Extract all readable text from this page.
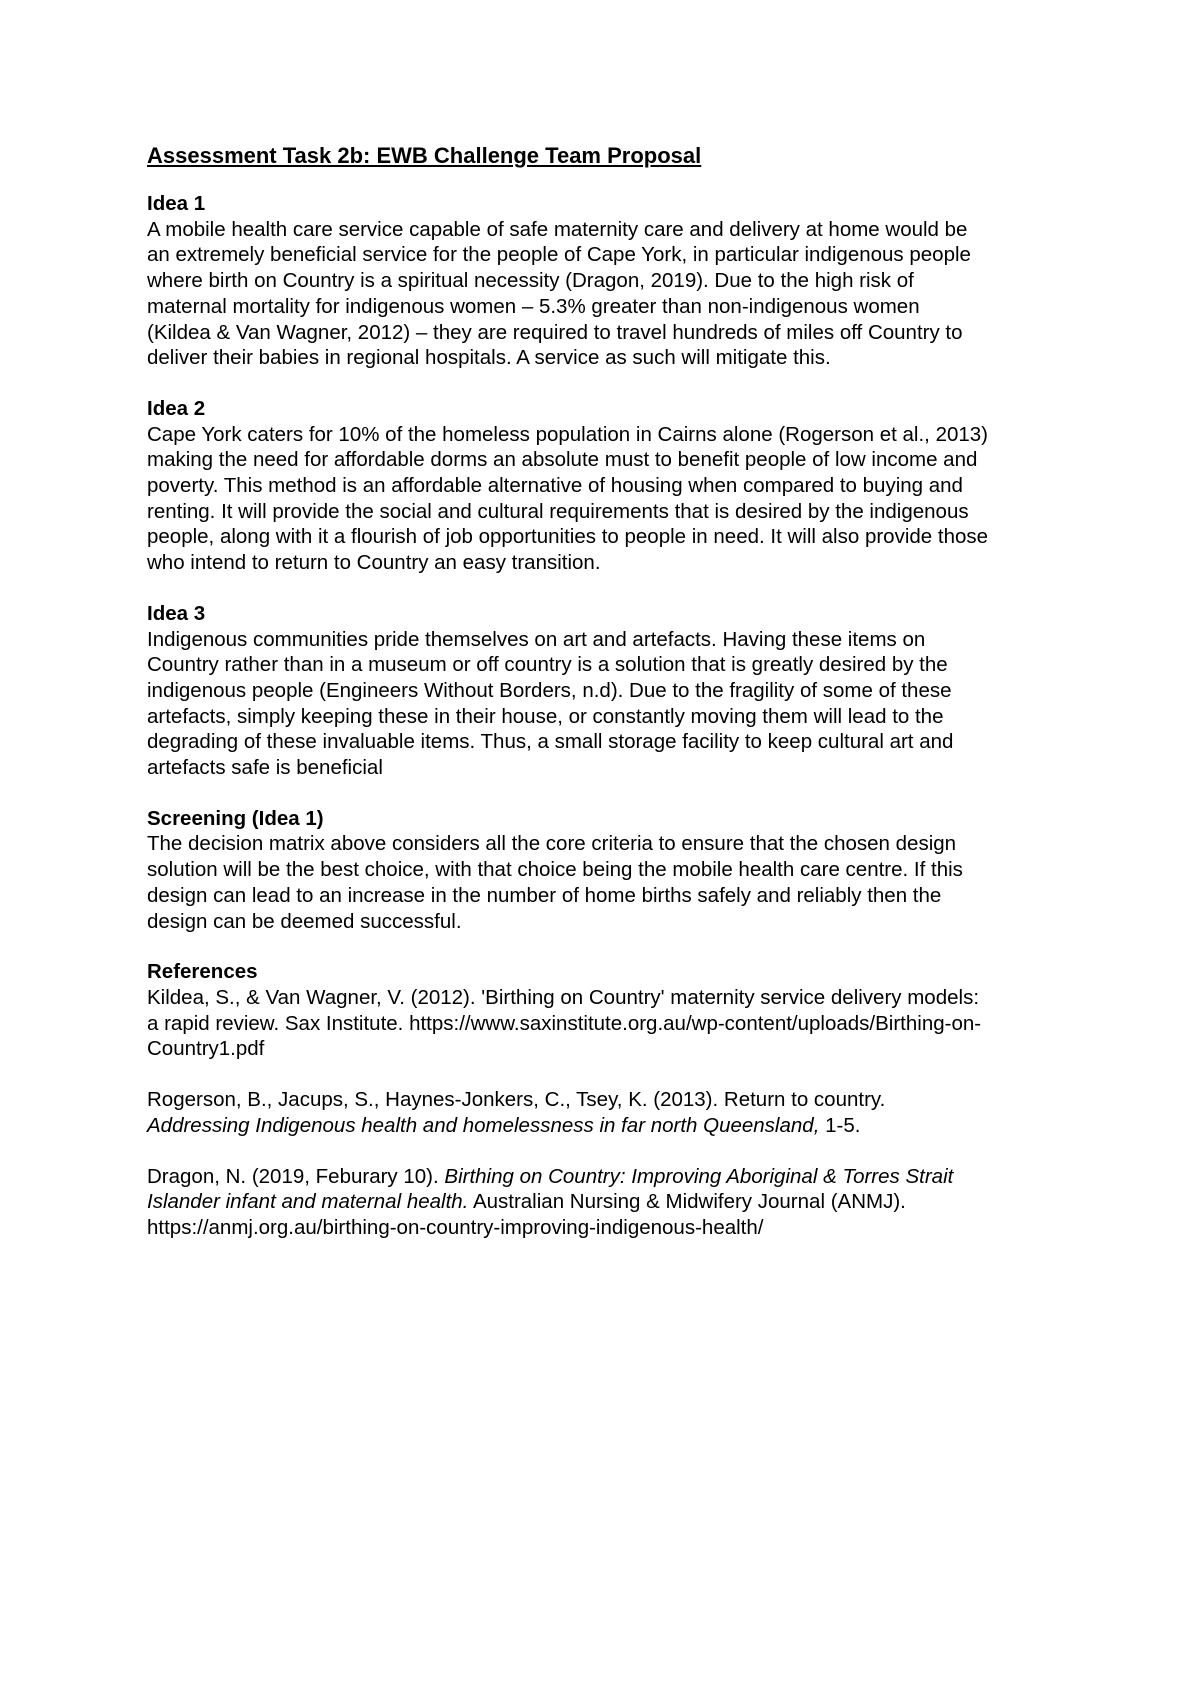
Assessment Task 2b: EWB Challenge Team Proposal
Idea 1
A mobile health care service capable of safe maternity care and delivery at home would be
an extremely beneficial service for the people of Cape York, in particular indigenous people
where birth on Country is a spiritual necessity (Dragon, 2019). Due to the high risk of
maternal mortality for indigenous women – 5.3% greater than non-indigenous women
(Kildea & Van Wagner, 2012) – they are required to travel hundreds of miles off Country to
deliver their babies in regional hospitals. A service as such will mitigate this.
Idea 2
Cape York caters for 10% of the homeless population in Cairns alone (Rogerson et al., 2013)
making the need for affordable dorms an absolute must to benefit people of low income and
poverty. This method is an affordable alternative of housing when compared to buying and
renting. It will provide the social and cultural requirements that is desired by the indigenous
people, along with it a flourish of job opportunities to people in need. It will also provide those
who intend to return to Country an easy transition.
Idea 3
Indigenous communities pride themselves on art and artefacts. Having these items on
Country rather than in a museum or off country is a solution that is greatly desired by the
indigenous people (Engineers Without Borders, n.d). Due to the fragility of some of these
artefacts, simply keeping these in their house, or constantly moving them will lead to the
degrading of these invaluable items. Thus, a small storage facility to keep cultural art and
artefacts safe is beneficial
Screening (Idea 1)
The decision matrix above considers all the core criteria to ensure that the chosen design
solution will be the best choice, with that choice being the mobile health care centre. If this
design can lead to an increase in the number of home births safely and reliably then the
design can be deemed successful.
References
Kildea, S., & Van Wagner, V. (2012). 'Birthing on Country' maternity service delivery models:
a rapid review. Sax Institute. https://www.saxinstitute.org.au/wp-content/uploads/Birthing-on-
Country1.pdf
Rogerson, B., Jacups, S., Haynes-Jonkers, C., Tsey, K. (2013). Return to country.
Addressing Indigenous health and homelessness in far north Queensland, 1-5.
Dragon, N. (2019, Feburary 10). Birthing on Country: Improving Aboriginal & Torres Strait
Islander infant and maternal health. Australian Nursing & Midwifery Journal (ANMJ).
https://anmj.org.au/birthing-on-country-improving-indigenous-health/
